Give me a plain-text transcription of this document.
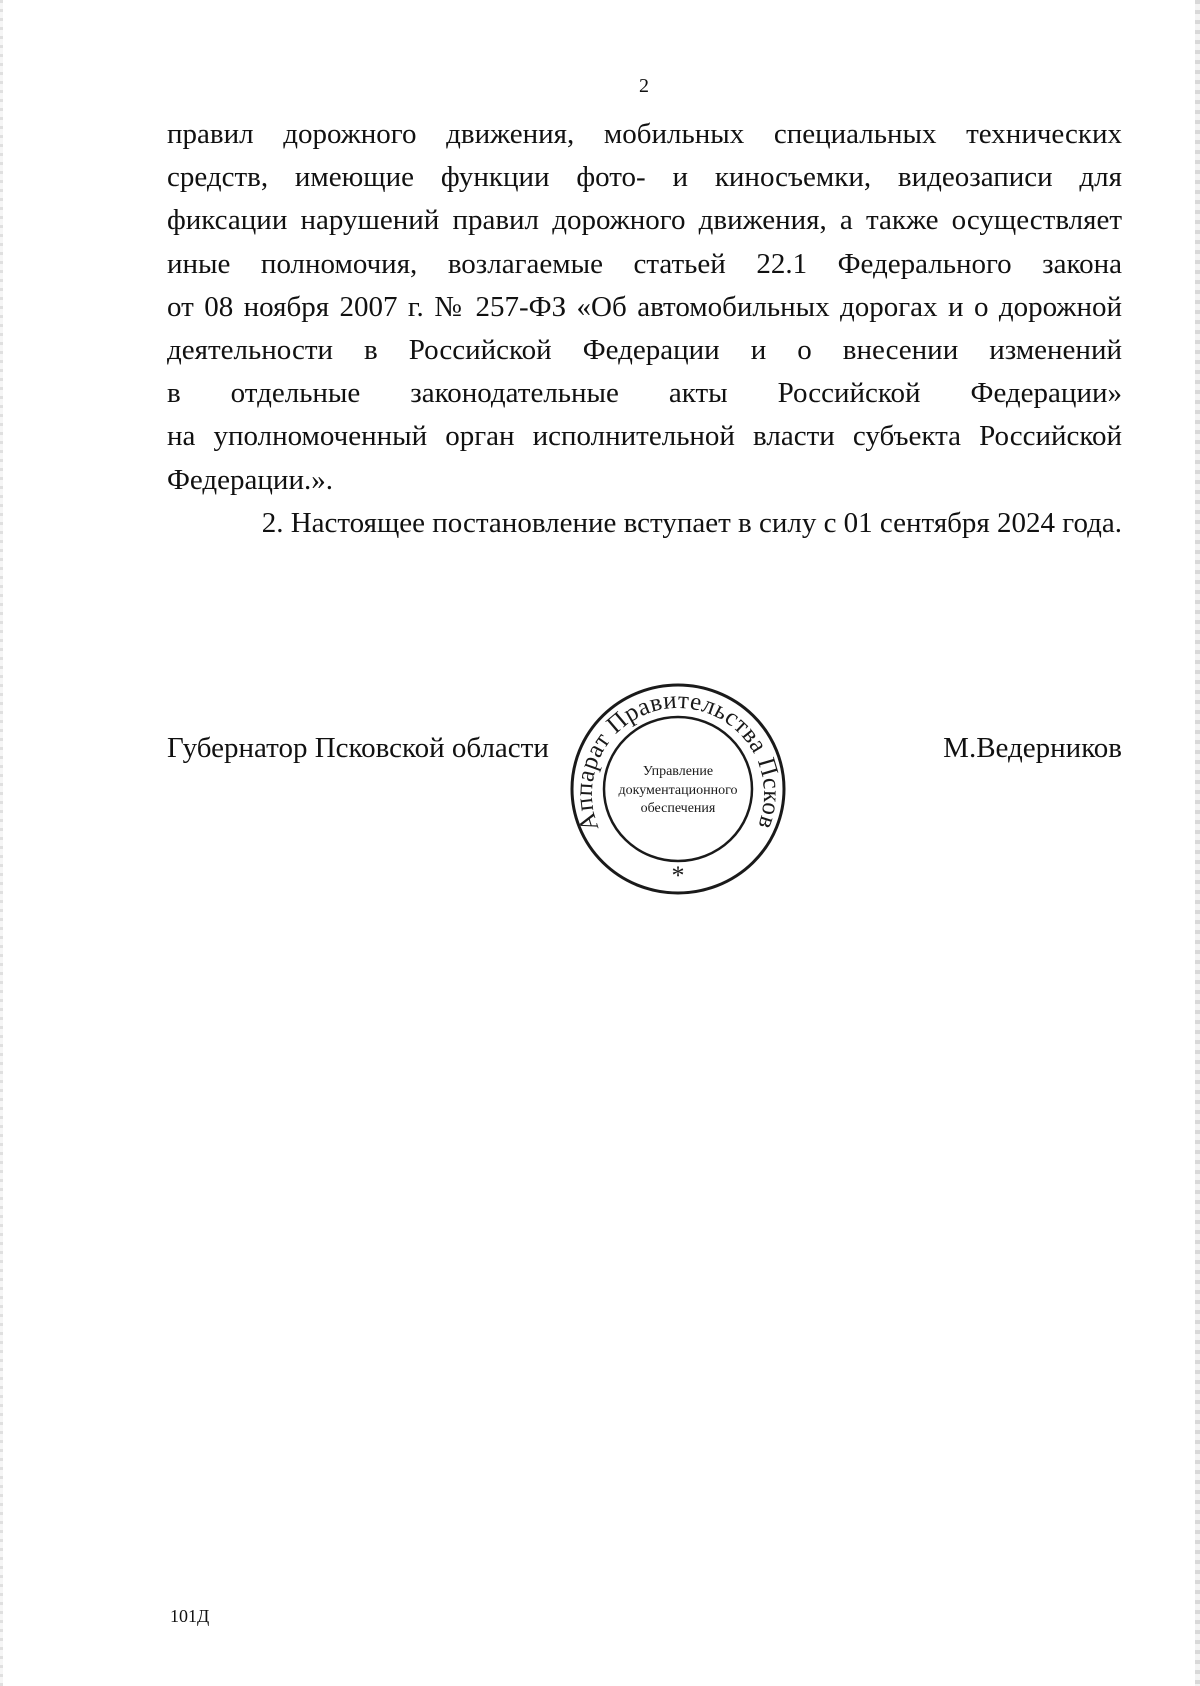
2
правил дорожного движения, мобильных специальных технических
средств, имеющие функции фото- и киносъемки, видеозаписи для
фиксации нарушений правил дорожного движения, а также осуществляет
иные полномочия, возлагаемые статьей 22.1 Федерального закона
от 08 ноября 2007 г. № 257-ФЗ «Об автомобильных дорогах и о дорожной
деятельности в Российской Федерации и о внесении изменений
в отдельные законодательные акты Российской Федерации»
на уполномоченный орган исполнительной власти субъекта Российской
Федерации.».
2. Настоящее постановление вступает в силу с 01 сентября 2024 года.
Губернатор Псковской области	М.Ведерников
Аппарат Правительства Псков
Управление
документационного
обеспечения
*
101Д
